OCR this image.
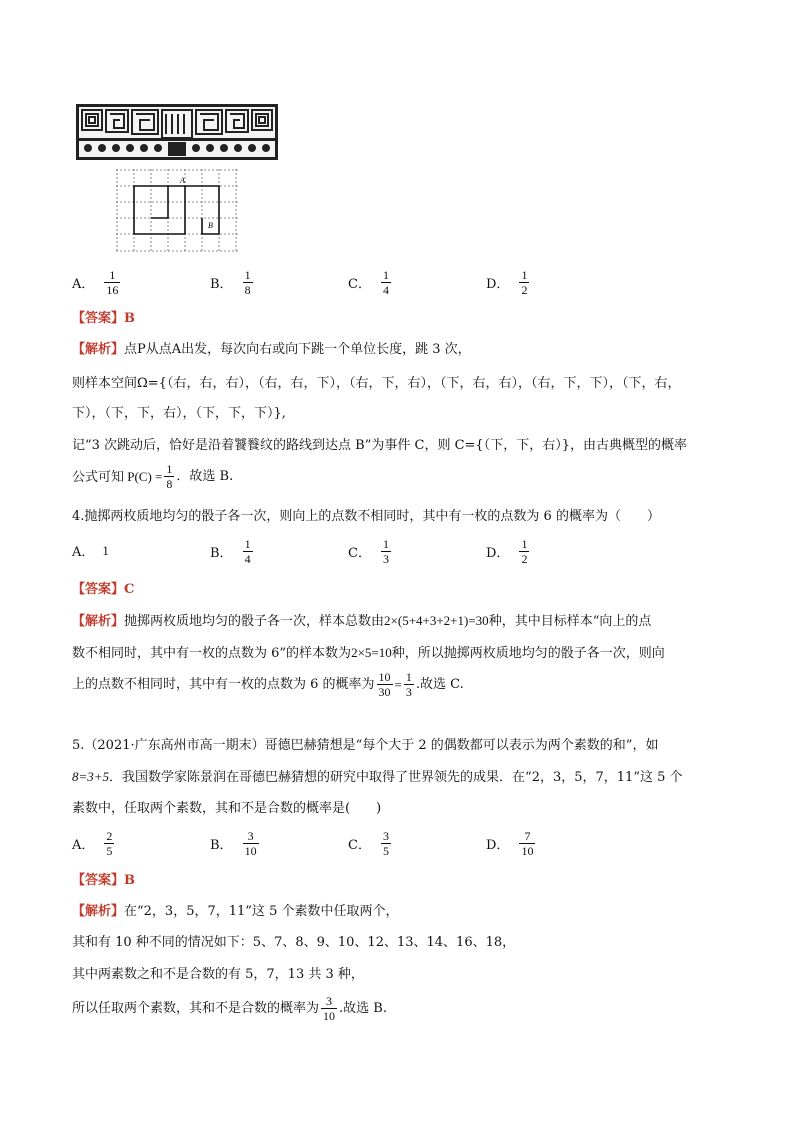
A
B
A． $\frac{1}{16}$	B． $\frac{1}{8}$	C． $\frac{1}{4}$	D． $\frac{1}{2}$
【答案】B
【解析】点P从点A出发，每次向右或向下跳一个单位长度，跳 3 次，
则样本空间Ω={（右，右，右），（右，右，下），（右，下，右），（下，右，右），（右，下，下），（下，右，
下），（下，下，右），（下，下，下）},
记“3 次跳动后，恰好是沿着饕餮纹的路线到达点 B”为事件 C，则 C={（下，下，右）}，由古典概型的概率
公式可知 $P(C) = \frac{1}{8}$ ．故选 B.
4.抛掷两枚质地均匀的骰子各一次，则向上的点数不相同时，其中有一枚的点数为 6 的概率为（　　）
A． 1	B． $\frac{1}{4}$	C． $\frac{1}{3}$	D． $\frac{1}{2}$
【答案】C
【解析】抛掷两枚质地均匀的骰子各一次，样本总数由2×(5+4+3+2+1)=30种，其中目标样本“向上的点
数不相同时，其中有一枚的点数为 6”的样本数为2×5=10种，所以抛掷两枚质地均匀的骰子各一次，则向
上的点数不相同时，其中有一枚的点数为 6 的概率为 $\frac{10}{30} = \frac{1}{3}$ .故选 C.
5.（2021·广东高州市高一期末）哥德巴赫猜想是“每个大于 2 的偶数都可以表示为两个素数的和”，如
8=3+5．我国数学家陈景润在哥德巴赫猜想的研究中取得了世界领先的成果．在“2，3，5，7，11”这 5 个
素数中，任取两个素数，其和不是合数的概率是(　　)
A． $\frac{2}{5}$	B． $\frac{3}{10}$	C． $\frac{3}{5}$	D． $\frac{7}{10}$
【答案】B
【解析】在“2，3，5，7，11”这 5 个素数中任取两个，
其和有 10 种不同的情况如下：5、7、8、9、10、12、13、14、16、18，
其中两素数之和不是合数的有 5，7，13 共 3 种，
所以任取两个素数，其和不是合数的概率为 $\frac{3}{10}$ .故选 B.
